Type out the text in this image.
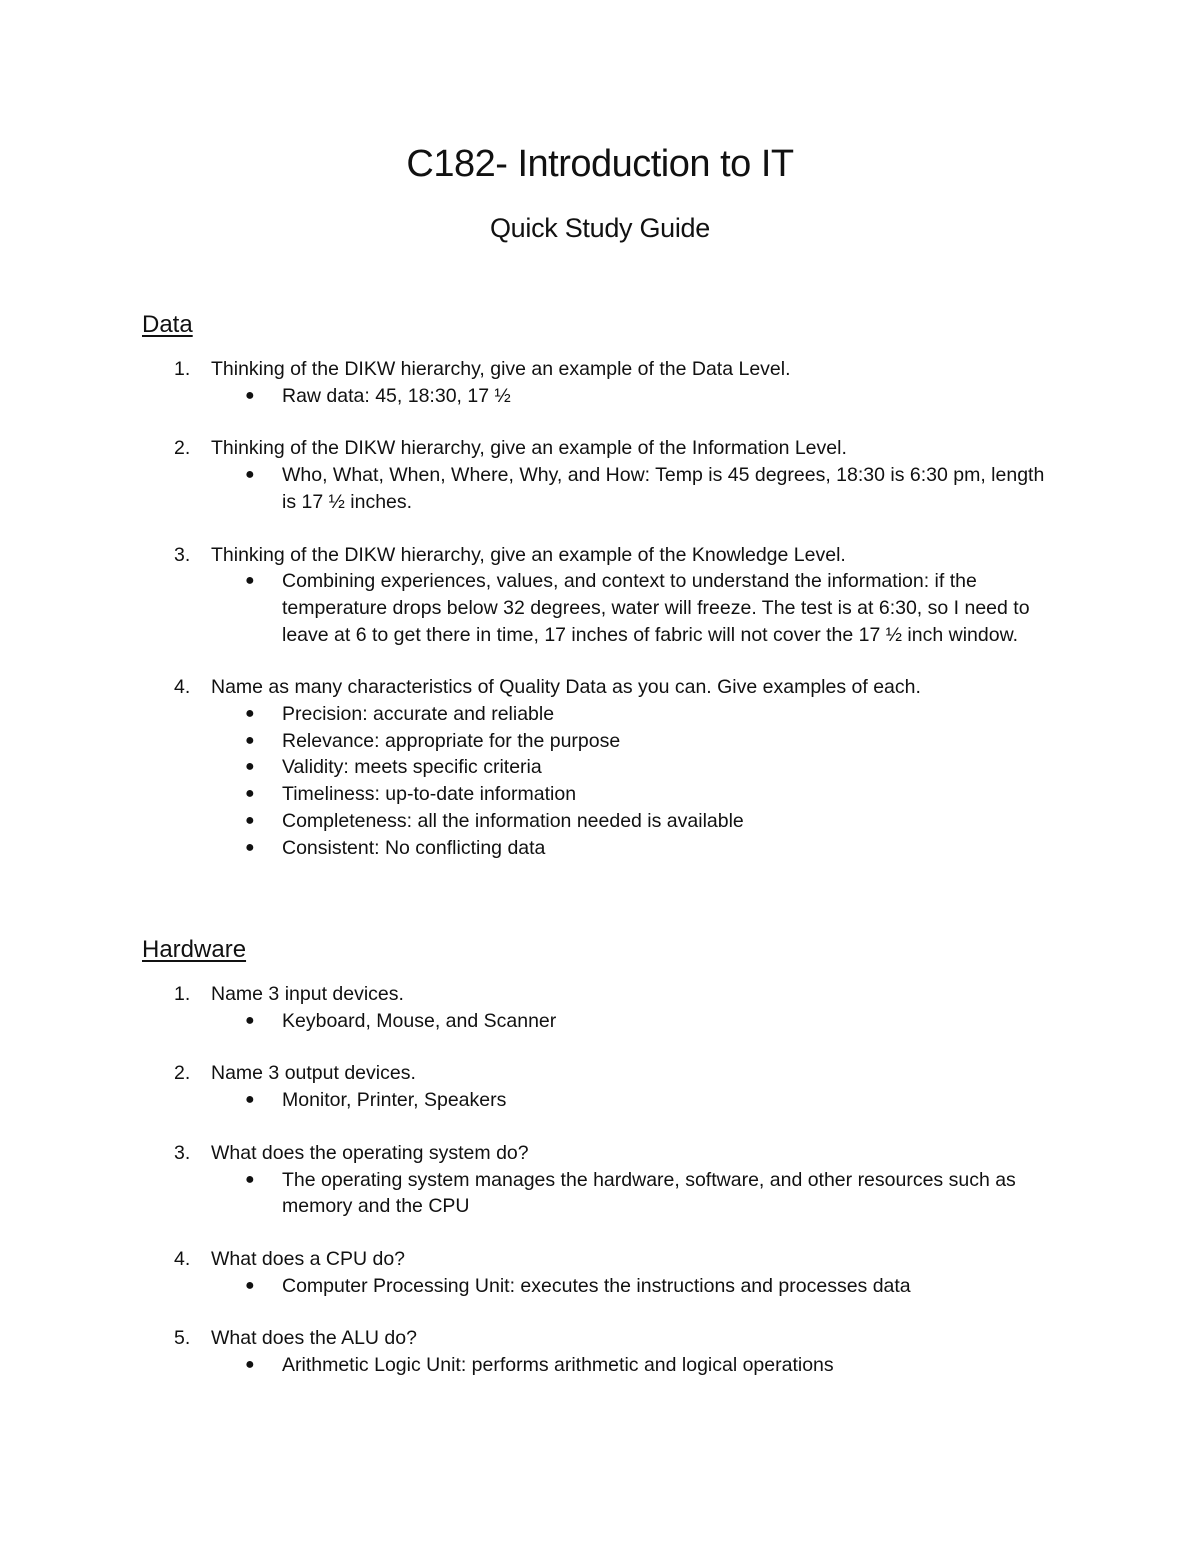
C182- Introduction to IT
Quick Study Guide
Data
1. Thinking of the DIKW hierarchy, give an example of the Data Level.
● Raw data: 45, 18:30, 17 ½
2. Thinking of the DIKW hierarchy, give an example of the Information Level.
● Who, What, When, Where, Why, and How: Temp is 45 degrees, 18:30 is 6:30 pm, length is 17 ½ inches.
3. Thinking of the DIKW hierarchy, give an example of the Knowledge Level.
● Combining experiences, values, and context to understand the information: if the temperature drops below 32 degrees, water will freeze. The test is at 6:30, so I need to leave at 6 to get there in time, 17 inches of fabric will not cover the 17 ½ inch window.
4. Name as many characteristics of Quality Data as you can. Give examples of each.
● Precision: accurate and reliable
● Relevance: appropriate for the purpose
● Validity: meets specific criteria
● Timeliness: up-to-date information
● Completeness: all the information needed is available
● Consistent: No conflicting data
Hardware
1. Name 3 input devices.
● Keyboard, Mouse, and Scanner
2. Name 3 output devices.
● Monitor, Printer, Speakers
3. What does the operating system do?
● The operating system manages the hardware, software, and other resources such as memory and the CPU
4. What does a CPU do?
● Computer Processing Unit: executes the instructions and processes data
5. What does the ALU do?
● Arithmetic Logic Unit: performs arithmetic and logical operations
